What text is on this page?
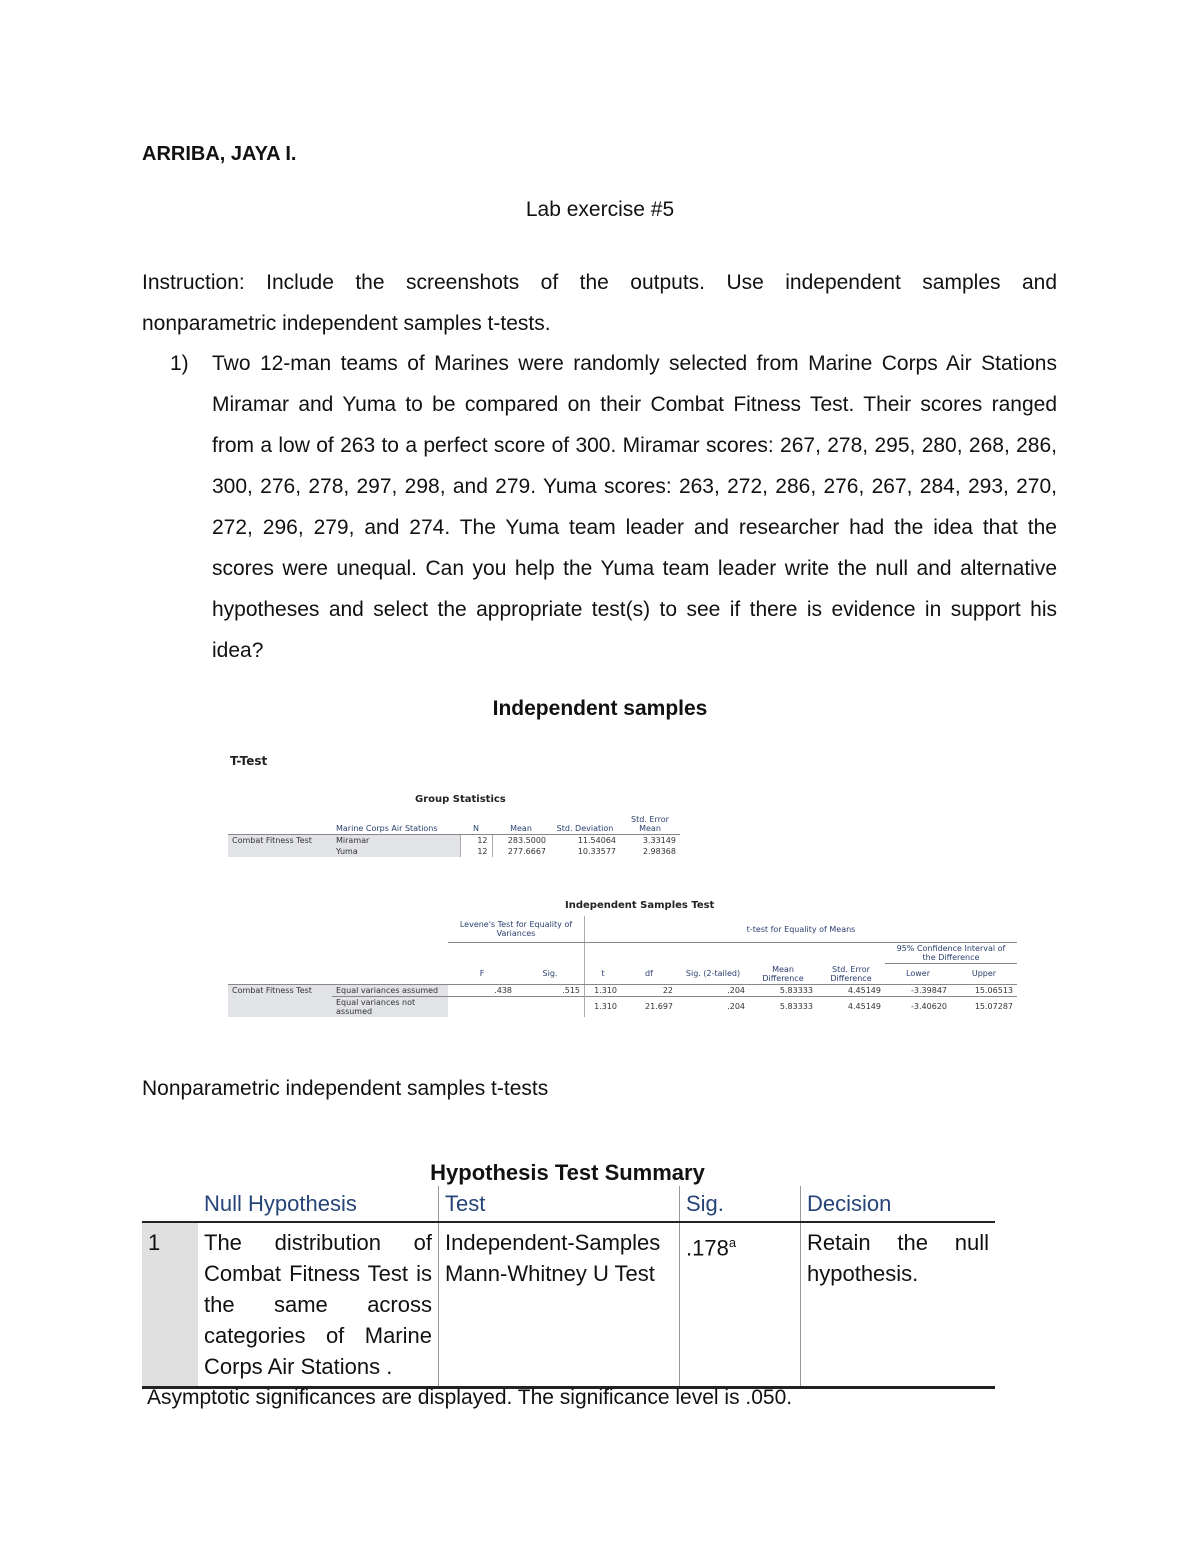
ARRIBA, JAYA I.
Lab exercise #5
Instruction: Include the screenshots of the outputs. Use independent samples and
nonparametric independent samples t-tests.
1) Two 12-man teams of Marines were randomly selected from Marine Corps Air Stations Miramar and Yuma to be compared on their Combat Fitness Test. Their scores ranged from a low of 263 to a perfect score of 300. Miramar scores: 267, 278, 295, 280, 268, 286, 300, 276, 278, 297, 298, and 279. Yuma scores: 263, 272, 286, 276, 267, 284, 293, 270, 272, 296, 279, and 274. The Yuma team leader and researcher had the idea that the scores were unequal. Can you help the Yuma team leader write the null and alternative hypotheses and select the appropriate test(s) to see if there is evidence in support his idea?
Independent samples
T-Test
Group Statistics
	Marine Corps Air Stations	N	Mean	Std. Deviation	Std. Error Mean
Combat Fitness Test	Miramar	12	283.5000	11.54064	3.33149
	Yuma	12	277.6667	10.33577	2.98368
Independent Samples Test
		Levene's Test for Equality of Variances		t-test for Equality of Means						
									95% Confidence Interval of the Difference	
		F	Sig.	t	df	Sig. (2-tailed)	Mean Difference	Std. Error Difference	Lower	Upper
Combat Fitness Test	Equal variances assumed	.438	.515	1.310	22	.204	5.83333	4.45149	-3.39847	15.06513
	Equal variances not assumed			1.310	21.697	.204	5.83333	4.45149	-3.40620	15.07287
Nonparametric independent samples t-tests
Hypothesis Test Summary
	Null Hypothesis	Test	Sig.	Decision
1	The distribution of Combat Fitness Test is the same across categories of Marine Corps Air Stations .	Independent-Samples Mann-Whitney U Test	.178$^a$	Retain the null hypothesis.
Asymptotic significances are displayed. The significance level is .050.
